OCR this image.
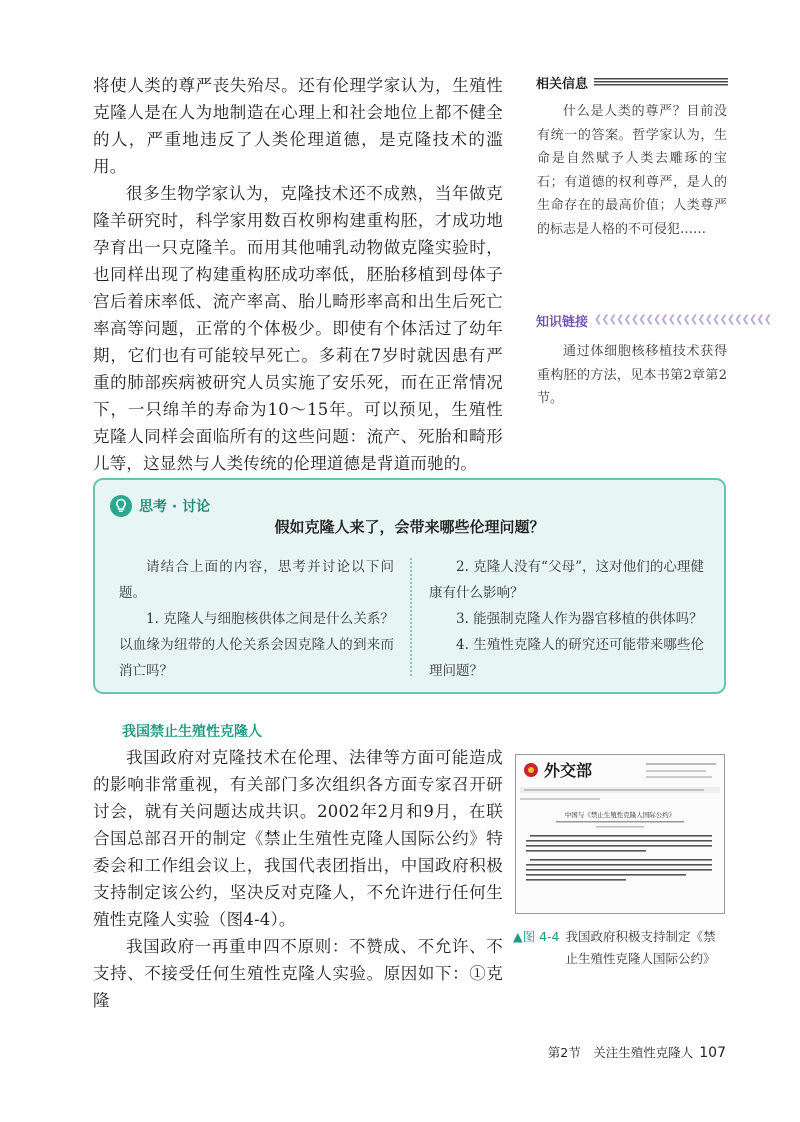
将使人类的尊严丧失殆尽。还有伦理学家认为，生殖性克隆人是在人为地制造在心理上和社会地位上都不健全的人，严重地违反了人类伦理道德，是克隆技术的滥用。

很多生物学家认为，克隆技术还不成熟，当年做克隆羊研究时，科学家用数百枚卵构建重构胚，才成功地孕育出一只克隆羊。而用其他哺乳动物做克隆实验时，也同样出现了构建重构胚成功率低，胚胎移植到母体子宫后着床率低、流产率高、胎儿畸形率高和出生后死亡率高等问题，正常的个体极少。即使有个体活过了幼年期，它们也有可能较早死亡。多莉在7岁时就因患有严重的肺部疾病被研究人员实施了安乐死，而在正常情况下，一只绵羊的寿命为10～15年。可以预见，生殖性克隆人同样会面临所有的这些问题：流产、死胎和畸形儿等，这显然与人类传统的伦理道德是背道而驰的。

相关信息

什么是人类的尊严？目前没有统一的答案。哲学家认为，生命是自然赋予人类去雕琢的宝石；有道德的权利尊严，是人的生命存在的最高价值；人类尊严的标志是人格的不可侵犯……

知识链接 ❮❮❮❮❮❮❮❮❮❮❮❮❮❮❮❮❮❮❮❮❮❮❮❮

通过体细胞核移植技术获得重构胚的方法，见本书第2章第2节。

思考 · 讨论
假如克隆人来了，会带来哪些伦理问题？

请结合上面的内容，思考并讨论以下问题。

1. 克隆人与细胞核供体之间是什么关系？以血缘为纽带的人伦关系会因克隆人的到来而消亡吗？

2. 克隆人没有“父母”，这对他们的心理健康有什么影响？

3. 能强制克隆人作为器官移植的供体吗？

4. 生殖性克隆人的研究还可能带来哪些伦理问题？

我国禁止生殖性克隆人

我国政府对克隆技术在伦理、法律等方面可能造成的影响非常重视，有关部门多次组织各方面专家召开研讨会，就有关问题达成共识。2002年2月和9月，在联合国总部召开的制定《禁止生殖性克隆人国际公约》特委会和工作组会议上，我国代表团指出，中国政府积极支持制定该公约，坚决反对克隆人，不允许进行任何生殖性克隆人实验（图4-4）。

我国政府一再重申四不原则：不赞成、不允许、不支持、不接受任何生殖性克隆人实验。原因如下：①克隆

外交部
中国与《禁止生殖性克隆人国际公约》
▲图 4-4 我国政府积极支持制定《禁止生殖性克隆人国际公约》
第2节　关注生殖性克隆人 107
